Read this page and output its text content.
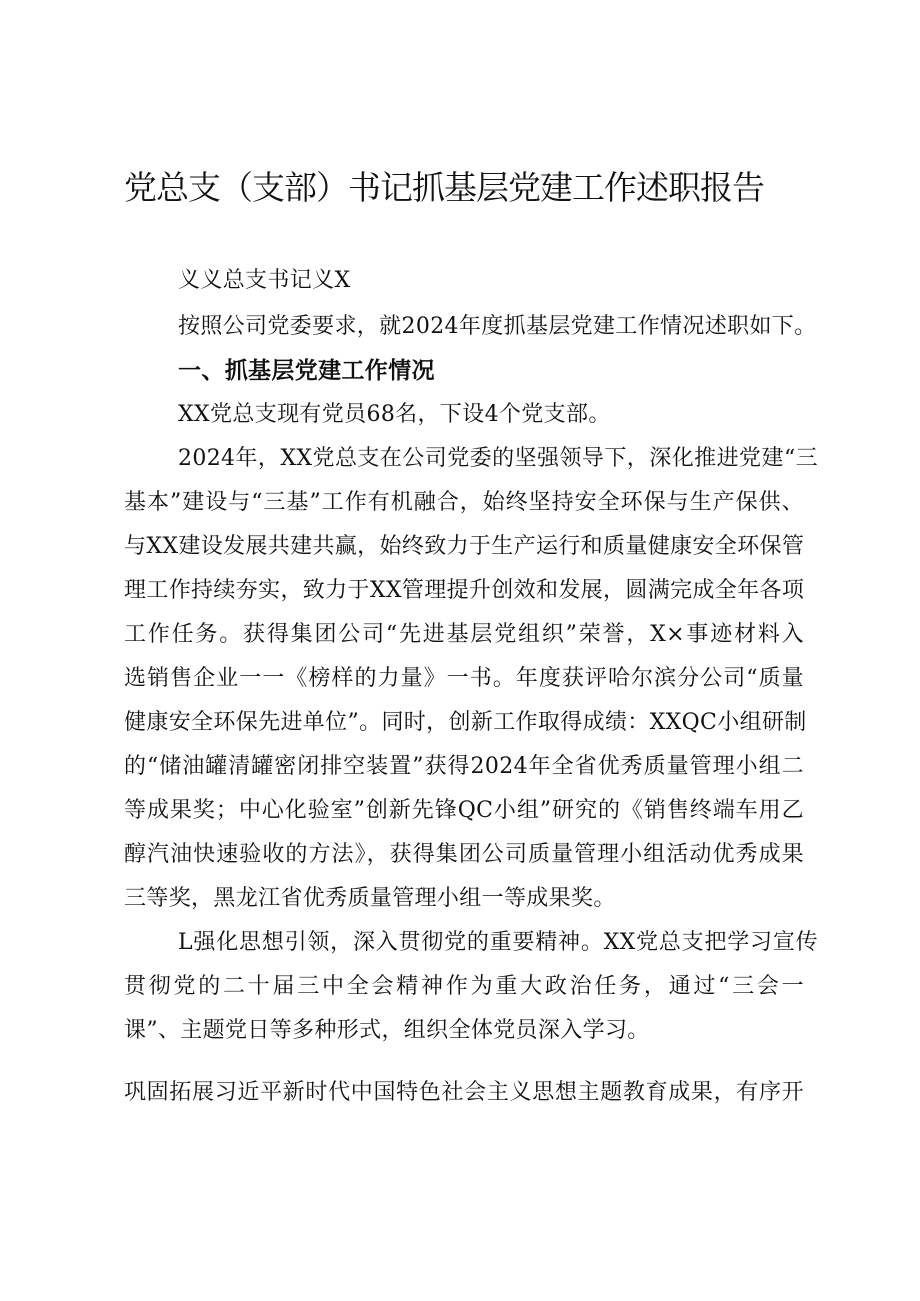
党总支（支部）书记抓基层党建工作述职报告

义义总支书记义X

按照公司党委要求，就2024年度抓基层党建工作情况述职如下。

一、抓基层党建工作情况

XX党总支现有党员68名，下设4个党支部。

2024年，XX党总支在公司党委的坚强领导下，深化推进党建“三

基本”建设与“三基”工作有机融合，始终坚持安全环保与生产保供、

与XX建设发展共建共赢，始终致力于生产运行和质量健康安全环保管

理工作持续夯实，致力于XX管理提升创效和发展，圆满完成全年各项

工作任务。获得集团公司“先进基层党组织”荣誉，X×事迹材料入

选销售企业一一《榜样的力量》一书。年度获评哈尔滨分公司“质量

健康安全环保先进单位”。同时，创新工作取得成绩：XXQC小组研制

的“储油罐清罐密闭排空装置”获得2024年全省优秀质量管理小组二

等成果奖；中心化验室”创新先锋QC小组”研究的《销售终端车用乙

醇汽油快速验收的方法》，获得集团公司质量管理小组活动优秀成果

三等奖，黑龙江省优秀质量管理小组一等成果奖。

L强化思想引领，深入贯彻党的重要精神。XX党总支把学习宣传

贯彻党的二十届三中全会精神作为重大政治任务，通过“三会一

课”、主题党日等多种形式，组织全体党员深入学习。

巩固拓展习近平新时代中国特色社会主义思想主题教育成果，有序开
